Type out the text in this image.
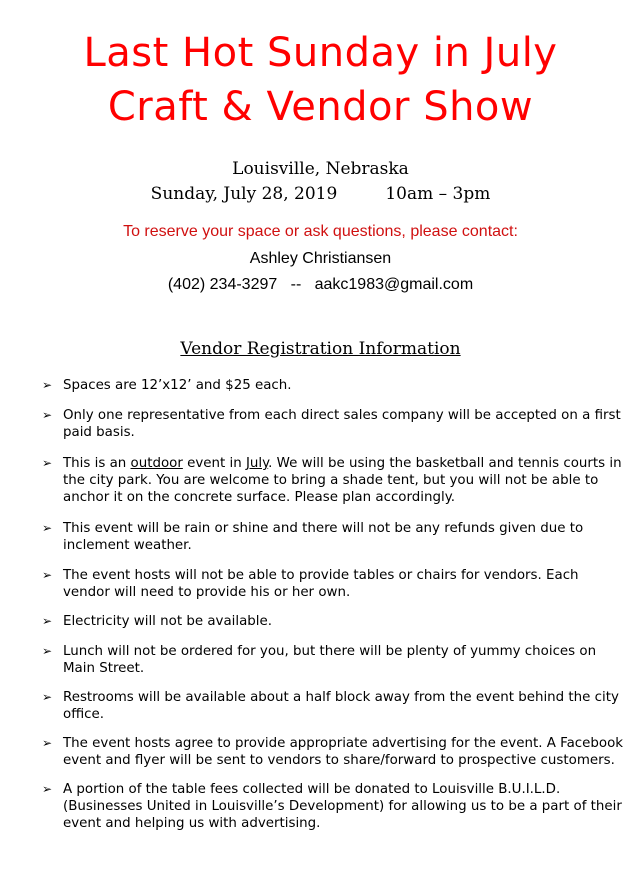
Last Hot Sunday in July
Craft & Vendor Show
Louisville, Nebraska
Sunday, July 28, 2019	10am – 3pm
To reserve your space or ask questions, please contact:
Ashley Christiansen
(402) 234-3297 -- aakc1983@gmail.com
Vendor Registration Information
➢ Spaces are 12’x12’ and $25 each.
➢ Only one representative from each direct sales company will be accepted on a first paid basis.
➢ This is an outdoor event in July. We will be using the basketball and tennis courts in the city park. You are welcome to bring a shade tent, but you will not be able to anchor it on the concrete surface. Please plan accordingly.
➢ This event will be rain or shine and there will not be any refunds given due to inclement weather.
➢ The event hosts will not be able to provide tables or chairs for vendors. Each vendor will need to provide his or her own.
➢ Electricity will not be available.
➢ Lunch will not be ordered for you, but there will be plenty of yummy choices on Main Street.
➢ Restrooms will be available about a half block away from the event behind the city office.
➢ The event hosts agree to provide appropriate advertising for the event. A Facebook event and flyer will be sent to vendors to share/forward to prospective customers.
➢ A portion of the table fees collected will be donated to Louisville B.U.I.L.D. (Businesses United in Louisville’s Development) for allowing us to be a part of their event and helping us with advertising.
